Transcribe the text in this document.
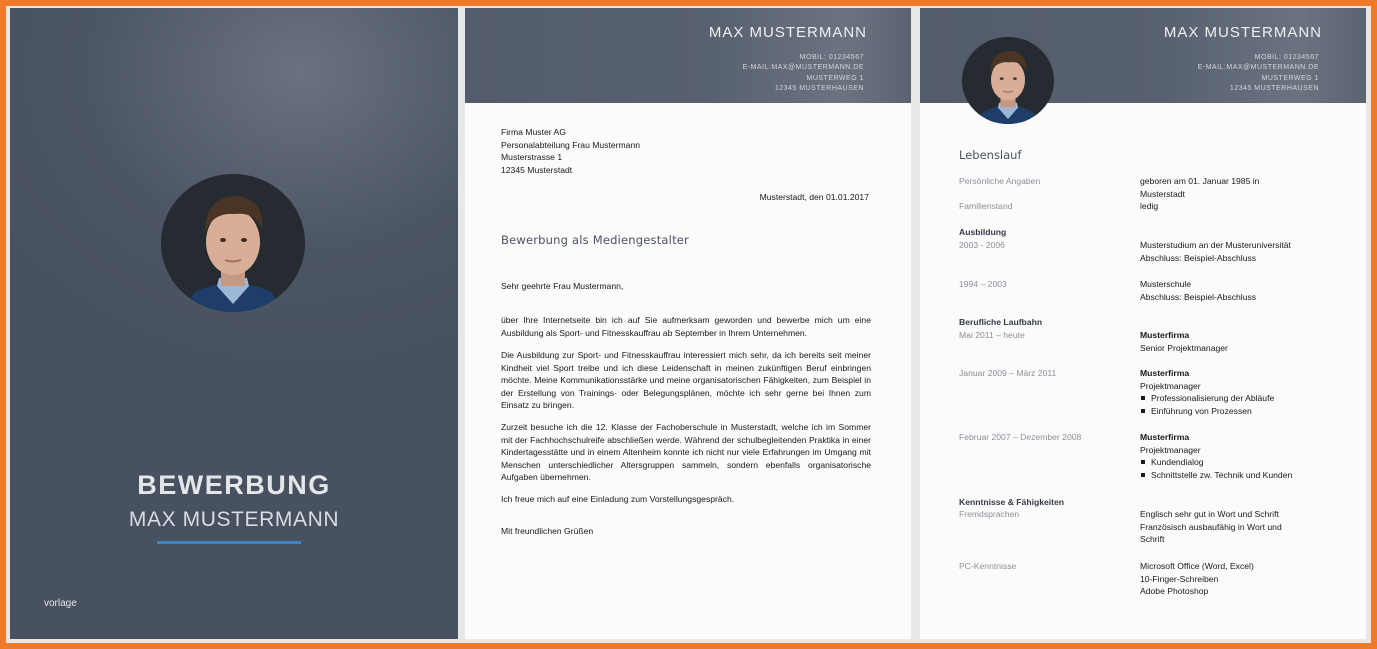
BEWERBUNG
MAX MUSTERMANN
vorlage
MAX MUSTERMANN
MOBIL: 01234567
E-MAIL:MAX@MUSTERMANN.DE
MUSTERWEG 1
12345 MUSTERHAUSEN
Firma Muster AG
Personalabteilung Frau Mustermann
Musterstrasse 1
12345 Musterstadt
Musterstadt, den 01.01.2017
Bewerbung als Mediengestalter
Sehr geehrte Frau Mustermann,
über Ihre Internetseite bin ich auf Sie aufmerksam geworden und bewerbe mich um eine Ausbildung als Sport- und Fitnesskauffrau ab September in Ihrem Unternehmen.
Die Ausbildung zur Sport- und Fitnesskauffrau interessiert mich sehr, da ich bereits seit meiner Kindheit viel Sport treibe und ich diese Leidenschaft in meinen zukünftigen Beruf einbringen möchte. Meine Kommunikationsstärke und meine organisatorischen Fähigkeiten, zum Beispiel in der Erstellung von Trainings- oder Belegungsplänen, möchte ich sehr gerne bei Ihnen zum Einsatz zu bringen.
Zurzeit besuche ich die 12. Klasse der Fachoberschule in Musterstadt, welche ich im Sommer mit der Fachhochschulreife abschließen werde. Während der schulbegleitenden Praktika in einer Kindertagesstätte und in einem Altenheim konnte ich nicht nur viele Erfahrungen im Umgang mit Menschen unterschiedlicher Altersgruppen sammeln, sondern ebenfalls organisatorische Aufgaben übernehmen.
Ich freue mich auf eine Einladung zum Vorstellungsgespräch.
Mit freundlichen Grüßen
MAX MUSTERMANN
MOBIL: 01234567
E-MAIL:MAX@MUSTERMANN.DE
MUSTERWEG 1
12345 MUSTERHAUSEN
Lebenslauf
Persönliche Angaben	geboren am 01. Januar 1985 in
Musterstadt
Familienstand	ledig
Ausbildung
2003 - 2006	Musterstudium an der Musteruniversität
Abschluss: Beispiel-Abschluss
1994 – 2003	Musterschule
Abschluss: Beispiel-Abschluss
Berufliche Laufbahn
Mai 2011 – heute	Musterfirma
Senior Projektmanager
Januar 2009 – März 2011	Musterfirma
Projektmanager
Professionalisierung der Abläufe
Einführung von Prozessen
Februar 2007 – Dezember 2008	Musterfirma
Projektmanager
Kundendialog
Schnittstelle zw. Technik und Kunden
Kenntnisse & Fähigkeiten
Fremdsprachen	Englisch sehr gut in Wort und Schrift
Französisch ausbaufähig in Wort und
Schrift
PC-Kenntnisse	Microsoft Office (Word, Excel)
10-Finger-Schreiben
Adobe Photoshop
